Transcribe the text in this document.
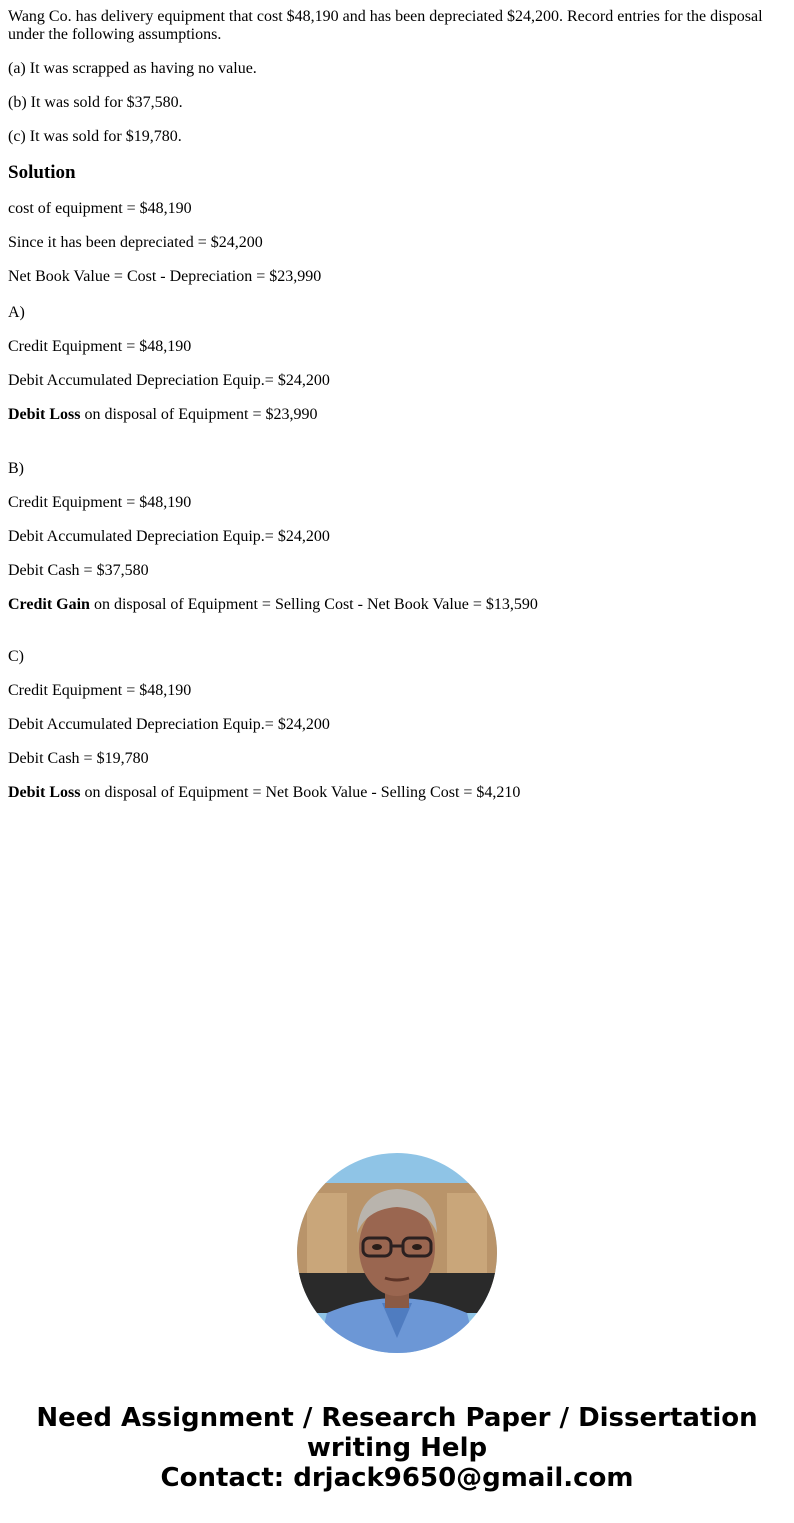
Wang Co. has delivery equipment that cost $48,190 and has been depreciated $24,200. Record entries for the disposal under the following assumptions.

(a) It was scrapped as having no value.

(b) It was sold for $37,580.

(c) It was sold for $19,780.

Solution

cost of equipment = $48,190

Since it has been depreciated = $24,200

Net Book Value = Cost - Depreciation = $23,990

A)

Credit Equipment = $48,190

Debit Accumulated Depreciation Equip.= $24,200

Debit Loss on disposal of Equipment = $23,990

B)

Credit Equipment = $48,190

Debit Accumulated Depreciation Equip.= $24,200

Debit Cash = $37,580

Credit Gain on disposal of Equipment = Selling Cost - Net Book Value = $13,590

C)

Credit Equipment = $48,190

Debit Accumulated Depreciation Equip.= $24,200

Debit Cash = $19,780

Debit Loss on disposal of Equipment = Net Book Value - Selling Cost = $4,210

Need Assignment / Research Paper / Dissertation
writing Help
Contact: drjack9650@gmail.com
